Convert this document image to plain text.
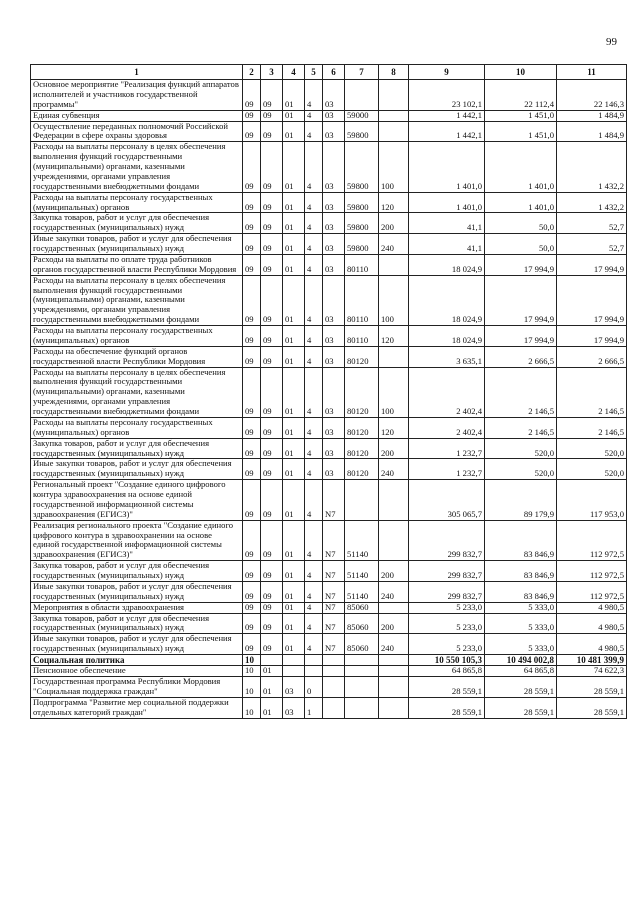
99
1	2	3	4	5	6	7	8	9	10	11
Основное мероприятие "Реализация функций аппаратов исполнителей и участников государственной программы"	09	09	01	4	03			23 102,1	22 112,4	22 146,3
Единая субвенция	09	09	01	4	03	59000		1 442,1	1 451,0	1 484,9
Осуществление переданных полномочий Российской Федерации в сфере охраны здоровья	09	09	01	4	03	59800		1 442,1	1 451,0	1 484,9
Расходы на выплаты персоналу в целях обеспечения выполнения функций государственными (муниципальными) органами, казенными учреждениями, органами управления государственными внебюджетными фондами	09	09	01	4	03	59800	100	1 401,0	1 401,0	1 432,2
Расходы на выплаты персоналу государственных (муниципальных) органов	09	09	01	4	03	59800	120	1 401,0	1 401,0	1 432,2
Закупка товаров, работ и услуг для обеспечения государственных (муниципальных) нужд	09	09	01	4	03	59800	200	41,1	50,0	52,7
Иные закупки товаров, работ и услуг для обеспечения государственных (муниципальных) нужд	09	09	01	4	03	59800	240	41,1	50,0	52,7
Расходы на выплаты по оплате труда работников органов государственной власти Республики Мордовия	09	09	01	4	03	80110		18 024,9	17 994,9	17 994,9
Расходы на выплаты персоналу в целях обеспечения выполнения функций государственными (муниципальными) органами, казенными учреждениями, органами управления государственными внебюджетными фондами	09	09	01	4	03	80110	100	18 024,9	17 994,9	17 994,9
Расходы на выплаты персоналу государственных (муниципальных) органов	09	09	01	4	03	80110	120	18 024,9	17 994,9	17 994,9
Расходы на обеспечение функций органов государственной власти Республики Мордовия	09	09	01	4	03	80120		3 635,1	2 666,5	2 666,5
Расходы на выплаты персоналу в целях обеспечения выполнения функций государственными (муниципальными) органами, казенными учреждениями, органами управления государственными внебюджетными фондами	09	09	01	4	03	80120	100	2 402,4	2 146,5	2 146,5
Расходы на выплаты персоналу государственных (муниципальных) органов	09	09	01	4	03	80120	120	2 402,4	2 146,5	2 146,5
Закупка товаров, работ и услуг для обеспечения государственных (муниципальных) нужд	09	09	01	4	03	80120	200	1 232,7	520,0	520,0
Иные закупки товаров, работ и услуг для обеспечения государственных (муниципальных) нужд	09	09	01	4	03	80120	240	1 232,7	520,0	520,0
Региональный проект "Создание единого цифрового контура здравоохранения на основе единой государственной информационной системы здравоохранения (ЕГИСЗ)"	09	09	01	4	N7			305 065,7	89 179,9	117 953,0
Реализация регионального проекта "Создание единого цифрового контура в здравоохранении на основе единой государственной информационной системы здравоохранения (ЕГИСЗ)"	09	09	01	4	N7	51140		299 832,7	83 846,9	112 972,5
Закупка товаров, работ и услуг для обеспечения государственных (муниципальных) нужд	09	09	01	4	N7	51140	200	299 832,7	83 846,9	112 972,5
Иные закупки товаров, работ и услуг для обеспечения государственных (муниципальных) нужд	09	09	01	4	N7	51140	240	299 832,7	83 846,9	112 972,5
Мероприятия в области здравоохранения	09	09	01	4	N7	85060		5 233,0	5 333,0	4 980,5
Закупка товаров, работ и услуг для обеспечения государственных (муниципальных) нужд	09	09	01	4	N7	85060	200	5 233,0	5 333,0	4 980,5
Иные закупки товаров, работ и услуг для обеспечения государственных (муниципальных) нужд	09	09	01	4	N7	85060	240	5 233,0	5 333,0	4 980,5
Социальная политика	10							10 550 105,3	10 494 002,8	10 481 399,9
Пенсионное обеспечение	10	01						64 865,8	64 865,8	74 622,3
Государственная программа Республики Мордовия "Социальная поддержка граждан"	10	01	03	0				28 559,1	28 559,1	28 559,1
Подпрограмма "Развитие мер социальной поддержки отдельных категорий граждан"	10	01	03	1				28 559,1	28 559,1	28 559,1
